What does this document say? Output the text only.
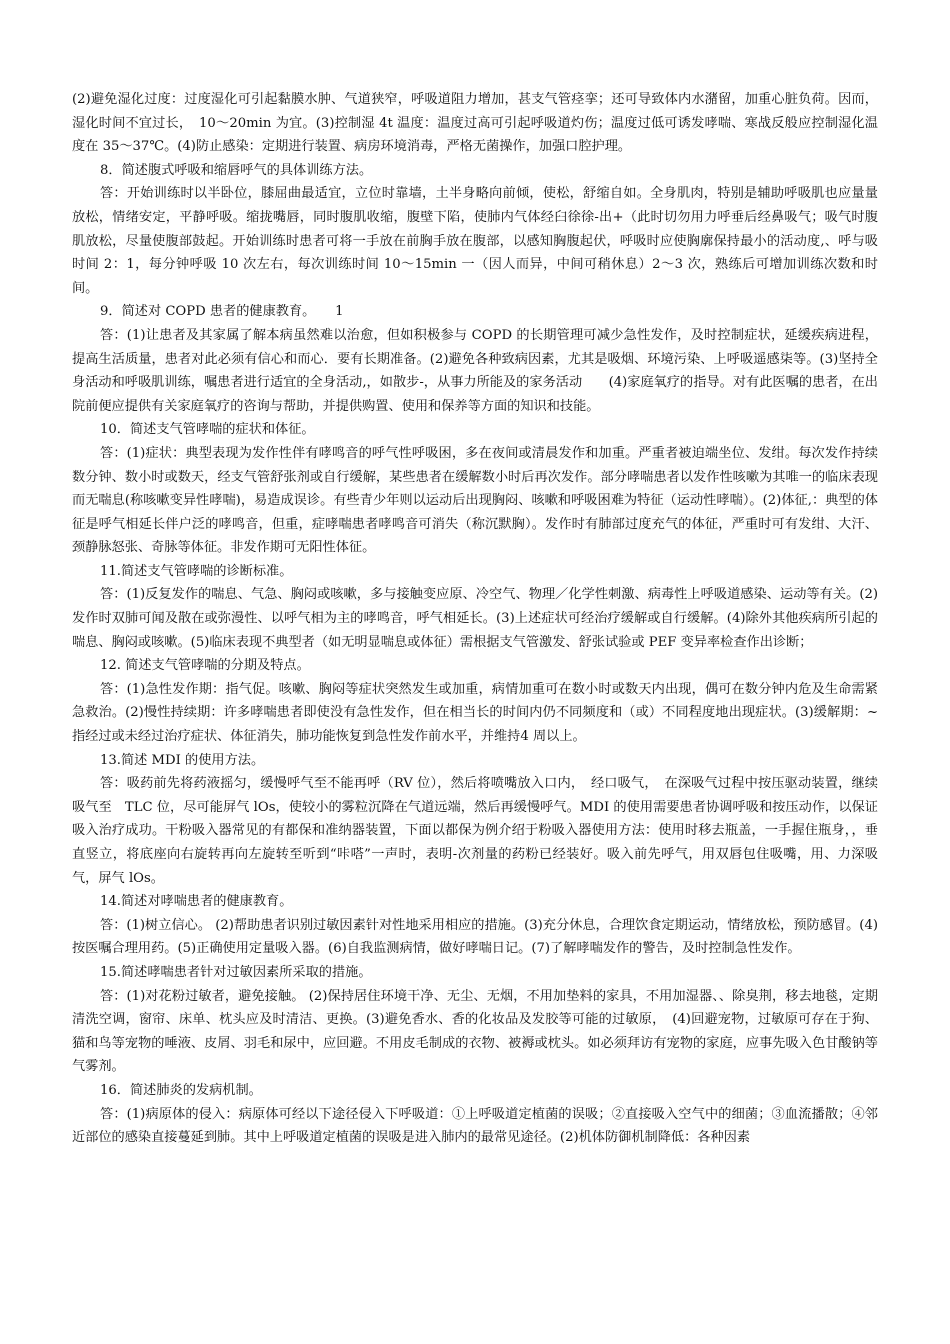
(2)避免湿化过度：过度湿化可引起黏膜水肿、气道狭窄，呼吸道阻力增加，甚支气管痉挛；还可导致体内水潴留，加重心脏负荷。因而，湿化时间不宜过长，　10～20min 为宜。(3)控制湿 4t 温度：温度过高可引起呼吸道灼伤；温度过低可诱发哮喘、寒战反般应控制湿化温度在 35～37℃。(4)防止感染：定期进行装置、病房环境消毒，严格无菌操作，加强口腔护理。

8．简述腹式呼吸和缩唇呼气的具体训练方法。

答：开始训练时以半卧位，膝屈曲最适宜，立位时靠墙，土半身略向前倾，使松，舒缩自如。全身肌肉，特别是辅助呼吸肌也应量量放松，情绪安定，平静呼吸。缩拢嘴唇，同时腹肌收缩，腹壁下陷，使肺内气体经臼徐徐-出+（此时切勿用力呼垂后经鼻吸气；吸气时腹肌放松，尽量使腹部鼓起。开始训练时患者可将一手放在前胸手放在腹部，以感知胸腹起伏，呼吸时应使胸廓保持最小的活动度,、呼与吸时间 2：1，每分钟呼吸 10 次左右，每次训练时间 10～15min 一（因人而异，中间可稍休息）2～3 次，熟练后可增加训练次数和时间。

9．简述对 COPD 患者的健康教育。　　1

答：(1)让患者及其家属了解本病虽然难以治愈，但如积极参与 COPD 的长期管理可减少急性发作，及时控制症状，延缓疾病进程，提高生活质量，患者对此必须有信心和而心．要有长期准备。(2)避免各种致病因素，尤其是吸烟、环境污染、上呼吸遥感柒等。(3)坚持全身活动和呼吸肌训练，嘱患者进行适宜的全身活动,，如散步-，从事力所能及的家务活动　　(4)家庭氧疗的指导。对有此医嘱的患者，在出院前便应提供有关家庭氧疗的咨询与帮助，并提供购置、使用和保养等方面的知识和技能。

10．简述支气管哮喘的症状和体征。

答：(1)症状：典型表现为发作性伴有哮鸣音的呼气性呼吸困，多在夜间或清晨发作和加重。严重者被迫端坐位、发绀。每次发作持续数分钟、数小时或数天，经支气管舒张剂或自行缓解，某些患者在缓解数小时后再次发作。部分哮喘患者以发作性咳嗽为其唯一的临床表现而无喘息(称咳嗽变异性哮喘)，易造成误诊。有些青少年则以运动后出现胸闷、咳嗽和呼吸困难为特征（运动性哮喘）。(2)体征,：典型的体征是呼气相延长伴户泛的哮鸣音，但重，症哮喘患者哮鸣音可消失（称沉默胸）。发作时有肺部过度充气的体征，严重时可有发绀、大汗、颈静脉怒张、奇脉等体征。非发作期可无阳性体征。

11.简述支气管哮喘的诊断标准。

答：(1)反复发作的喘息、气急、胸闷或咳嗽，多与接触变应原、冷空气、物理／化学性刺激、病毒性上呼吸道感染、运动等有关。(2)发作时双肺可闻及散在或弥漫性、以呼气相为主的哮鸣音，呼气相延长。(3)上述症状可经治疗缓解或自行缓解。(4)除外其他疾病所引起的喘息、胸闷或咳嗽。(5)临床表现不典型者（如无明显喘息或体征）需根据支气管激发、舒张试验或 PEF 变异率检查作出诊断；

12. 简述支气管哮喘的分期及特点。

答：(1)急性发作期：指气促。咳嗽、胸闷等症状突然发生或加重，病情加重可在数小时或数天内出现，偶可在数分钟内危及生命需紧急救治。(2)慢性持续期：许多哮喘患者即使没有急性发作，但在相当长的时间内仍不同频度和（或）不同程度地出现症状。(3)缓解期：~指经过或未经过治疗症状、体征消失，肺功能恢复到急性发作前水平，并维持4 周以上。

13.简述 MDI 的使用方法。

答：吸药前先将药液摇匀，缓慢呼气至不能再呼（RV 位），然后将喷嘴放入口内，　经口吸气，　在深吸气过程中按压驱动装置，继续吸气至　TLC 位，尽可能屏气 lOs，使较小的雾粒沉降在气道远端，然后再缓慢呼气。MDI 的使用需要患者协调呼吸和按压动作，以保证吸入治疗成功。干粉吸入器常见的有都保和准纳器装置，下面以都保为例介绍于粉吸入器使用方法：使用时移去瓶盖，一手握住瓶身，，垂直竖立，将底座向右旋转再向左旋转至听到“咔嗒”一声时，表明-次剂量的药粉已经装好。吸入前先呼气，用双唇包住吸嘴，用、力深吸气，屏气 lOs。

14.简述对哮喘患者的健康教育。

答：(1)树立信心。 (2)帮助患者识别过敏因素针对性地采用相应的措施。(3)充分休息，合理饮食定期运动，情绪放松，预防感冒。(4)按医嘱合理用药。(5)正确使用定量吸入器。(6)自我监测病情，做好哮喘日记。(7)了解哮喘发作的警告，及时控制急性发作。

15.简述哮喘患者针对过敏因素所采取的措施。

答：(1)对花粉过敏者，避免接触。 (2)保持居住环境干净、无尘、无烟，不用加垫料的家具，不用加湿器、、除臭荆，移去地毯，定期清洗空调，窗帘、床单、枕头应及时清洁、更换。(3)避免香水、香的化妆品及发胶等可能的过敏原，　(4)回避宠物，过敏原可存在于狗、猫和鸟等宠物的唾液、皮屑、羽毛和尿中，应回避。不用皮毛制成的衣物、被褥或枕头。如必须拜访有宠物的家庭，应事先吸入色甘酸钠等气雾剂。

16．简述肺炎的发病机制。

答：(1)病原体的侵入：病原体可经以下途径侵入下呼吸道：①上呼吸道定植菌的误吸；②直接吸入空气中的细菌；③血流播散；④邻近部位的感染直接蔓延到肺。其中上呼吸道定植菌的误吸是进入肺内的最常见途径。(2)机体防御机制降低：各种因素
